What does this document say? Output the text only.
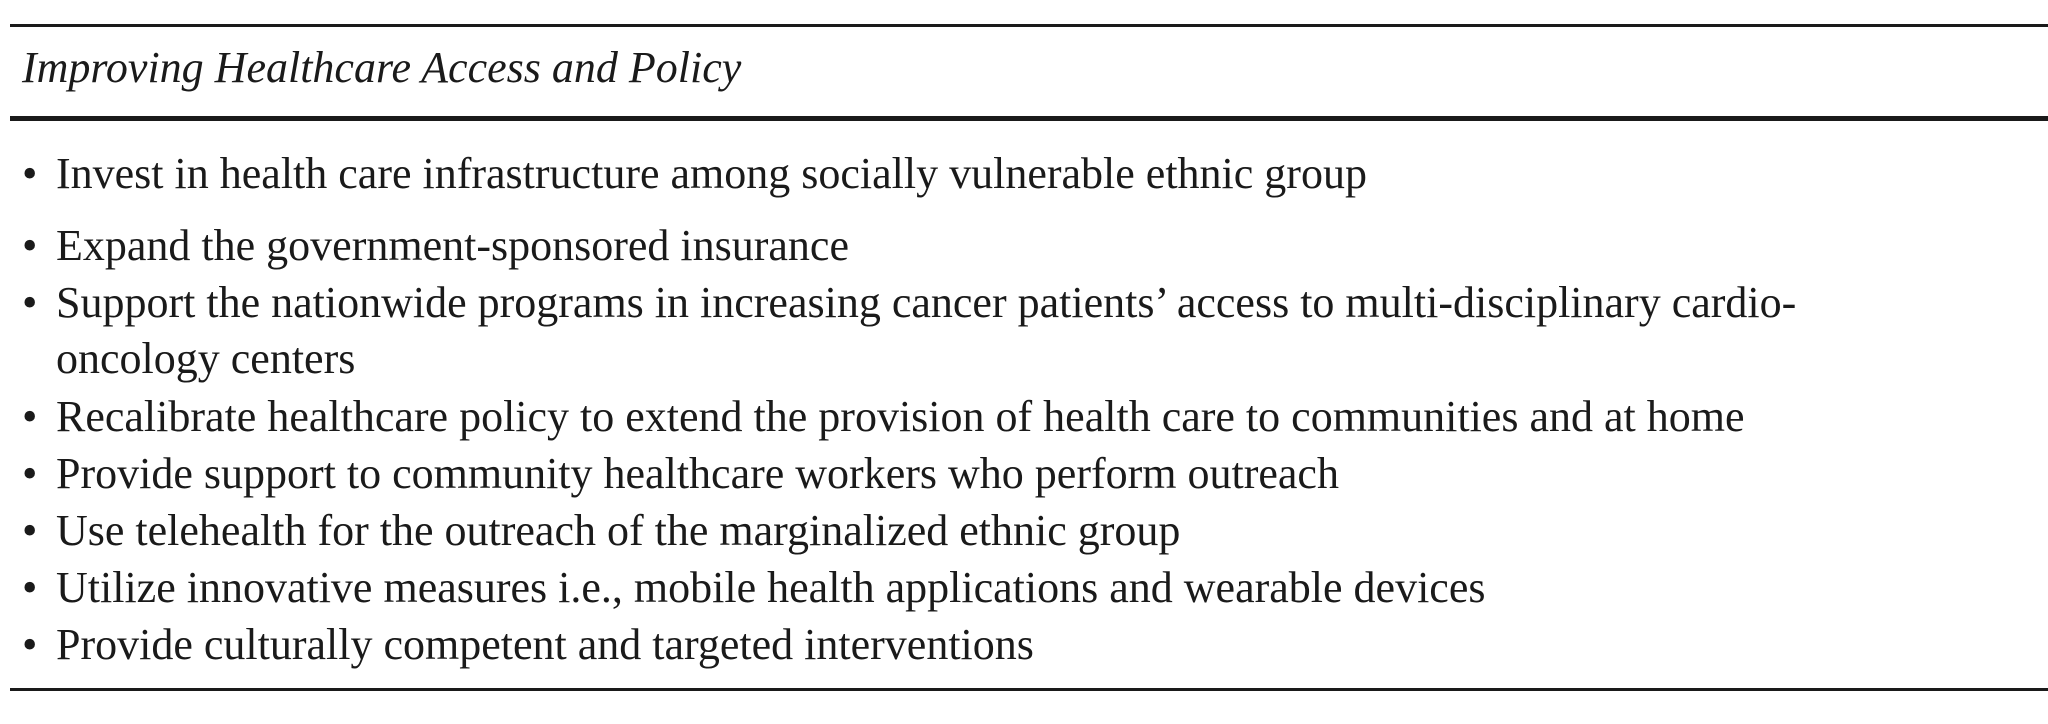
Improving Healthcare Access and Policy
• Invest in health care infrastructure among socially vulnerable ethnic group
• Expand the government-sponsored insurance
• Support the nationwide programs in increasing cancer patients’ access to multi-disciplinary cardio-
oncology centers
• Recalibrate healthcare policy to extend the provision of health care to communities and at home
• Provide support to community healthcare workers who perform outreach
• Use telehealth for the outreach of the marginalized ethnic group
• Utilize innovative measures i.e., mobile health applications and wearable devices
• Provide culturally competent and targeted interventions
